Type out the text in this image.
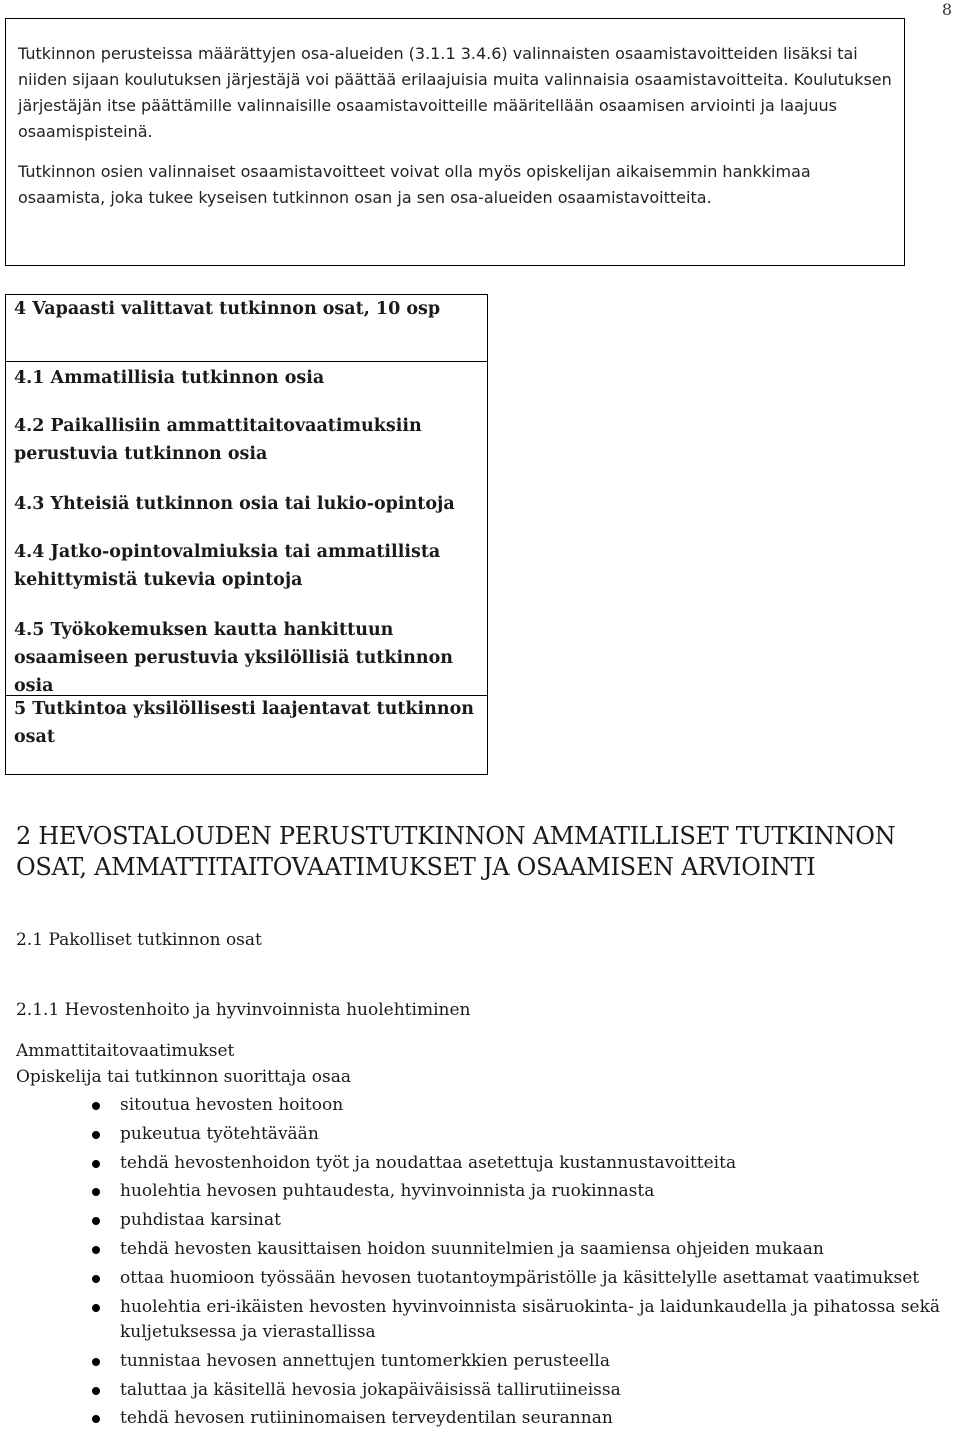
8

Tutkinnon perusteissa määrättyjen osa-alueiden (3.1.1 3.4.6) valinnaisten osaamistavoitteiden lisäksi tai niiden sijaan koulutuksen järjestäjä voi päättää erilaajuisia muita valinnaisia osaamistavoitteita. Koulutuksen järjestäjän itse päättämille valinnaisille osaamistavoitteille määritellään osaamisen arviointi ja laajuus osaamispisteinä.

Tutkinnon osien valinnaiset osaamistavoitteet voivat olla myös opiskelijan aikaisemmin hankkimaa osaamista, joka tukee kyseisen tutkinnon osan ja sen osa-alueiden osaamistavoitteita.

4 Vapaasti valittavat tutkinnon osat, 10 osp
4.1 Ammatillisia tutkinnon osia
4.2 Paikallisiin ammattitaitovaatimuksiin perustuvia tutkinnon osia
4.3 Yhteisiä tutkinnon osia tai lukio-opintoja
4.4 Jatko-opintovalmiuksia tai ammatillista kehittymistä tukevia opintoja
4.5 Työkokemuksen kautta hankittuun osaamiseen perustuvia yksilöllisiä tutkinnon osia
5 Tutkintoa yksilöllisesti laajentavat tutkinnon osat
2 HEVOSTALOUDEN PERUSTUTKINNON AMMATILLISET TUTKINNON OSAT, AMMATTITAITOVAATIMUKSET JA OSAAMISEN ARVIOINTI
2.1 Pakolliset tutkinnon osat
2.1.1 Hevostenhoito ja hyvinvoinnista huolehtiminen
Ammattitaitovaatimukset
Opiskelija tai tutkinnon suorittaja osaa
sitoutua hevosten hoitoon
pukeutua työtehtävään
tehdä hevostenhoidon työt ja noudattaa asetettuja kustannustavoitteita
huolehtia hevosen puhtaudesta, hyvinvoinnista ja ruokinnasta
puhdistaa karsinat
tehdä hevosten kausittaisen hoidon suunnitelmien ja saamiensa ohjeiden mukaan
ottaa huomioon työssään hevosen tuotantoympäristölle ja käsittelylle asettamat vaatimukset
huolehtia eri-ikäisten hevosten hyvinvoinnista sisäruokinta- ja laidunkaudella ja pihatossa sekä kuljetuksessa ja vierastallissa
tunnistaa hevosen annettujen tuntomerkkien perusteella
taluttaa ja käsitellä hevosia jokapäiväisissä tallirutiineissa
tehdä hevosen rutiininomaisen terveydentilan seurannan
